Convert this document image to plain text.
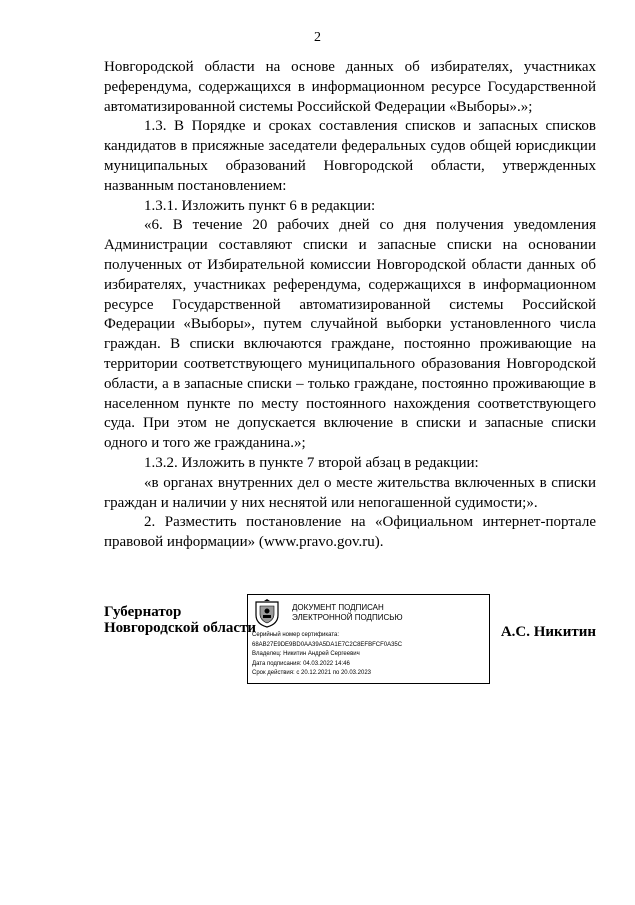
2

Новгородской области на основе данных об избирателях, участниках референдума, содержащихся в информационном ресурсе Государственной автоматизированной системы Российской Федерации «Выборы».»;

1.3. В Порядке и сроках составления списков и запасных списков кандидатов в присяжные заседатели федеральных судов общей юрисдикции муниципальных образований Новгородской области, утвержденных названным постановлением:

1.3.1. Изложить пункт 6 в редакции:

«6. В течение 20 рабочих дней со дня получения уведомления Администрации составляют списки и запасные списки на основании полученных от Избирательной комиссии Новгородской области данных об избирателях, участниках референдума, содержащихся в информационном ресурсе Государственной автоматизированной системы Российской Федерации «Выборы», путем случайной выборки установленного числа граждан. В списки включаются граждане, постоянно проживающие на территории соответствующего муниципального образования Новгородской области, а в запасные списки – только граждане, постоянно проживающие в населенном пункте по месту постоянного нахождения соответствующего суда. При этом не допускается включение в списки и запасные списки одного и того же гражданина.»;

1.3.2. Изложить в пункте 7 второй абзац в редакции:

«в органах внутренних дел о месте жительства включенных в списки граждан и наличии у них неснятой или непогашенной судимости;».

2. Разместить постановление на «Официальном интернет-портале правовой информации» (www.pravo.gov.ru).

Губернатор
Новгородской области
ДОКУМЕНТ ПОДПИСАН
ЭЛЕКТРОННОЙ ПОДПИСЬЮ
Серийный номер сертификата:
68AB27E9DE9BD0AA39A5DA1E7C2C8EFBFCF0A35C
Владелец: Никитин Андрей Сергеевич
Дата подписания: 04.03.2022 14:46
Срок действия: с 20.12.2021 по 20.03.2023
А.С. Никитин
